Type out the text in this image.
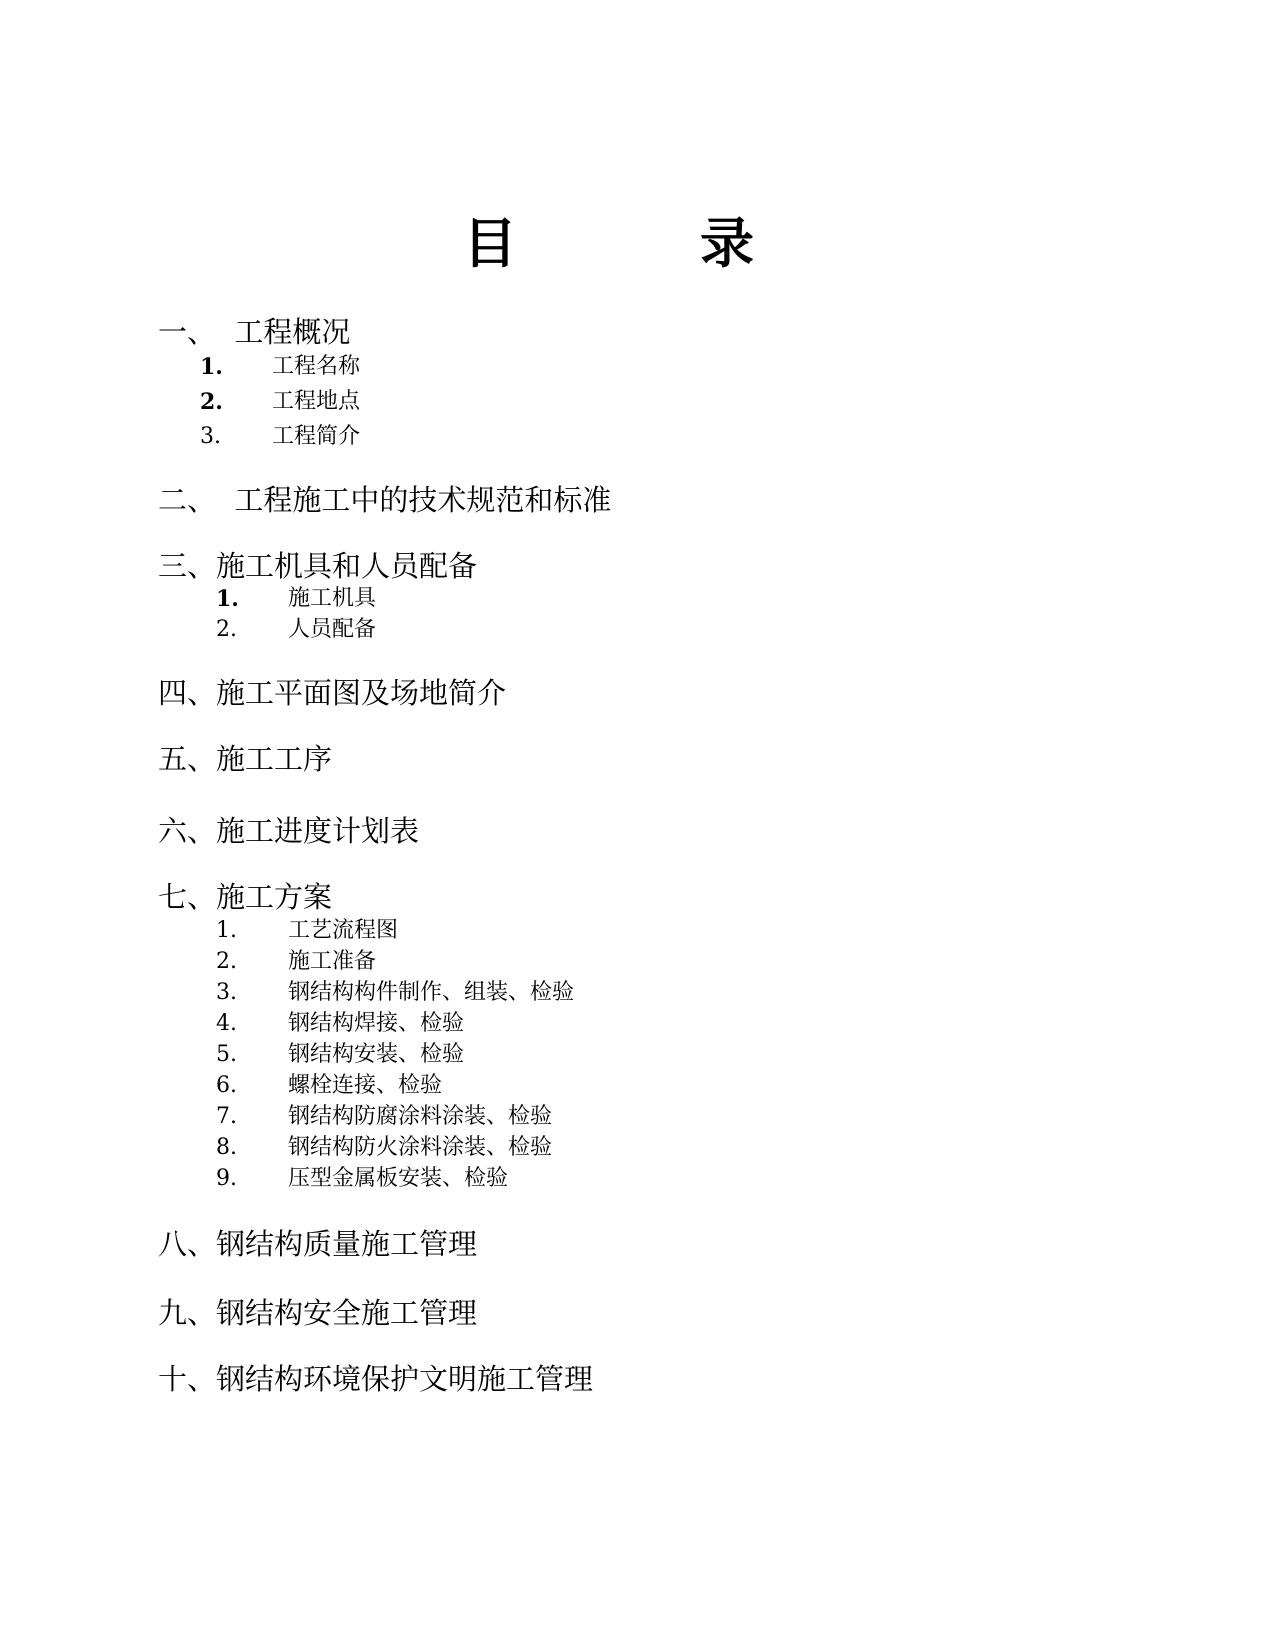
目	录
一、  工程概况
1. 工程名称
2. 工程地点
3. 工程简介
二、  工程施工中的技术规范和标准
三、施工机具和人员配备
1. 施工机具
2. 人员配备
四、施工平面图及场地简介
五、施工工序
六、施工进度计划表
七、施工方案
1. 工艺流程图
2. 施工准备
3. 钢结构构件制作、组装、检验
4. 钢结构焊接、检验
5. 钢结构安装、检验
6. 螺栓连接、检验
7. 钢结构防腐涂料涂装、检验
8. 钢结构防火涂料涂装、检验
9. 压型金属板安装、检验
八、钢结构质量施工管理
九、钢结构安全施工管理
十、钢结构环境保护文明施工管理
